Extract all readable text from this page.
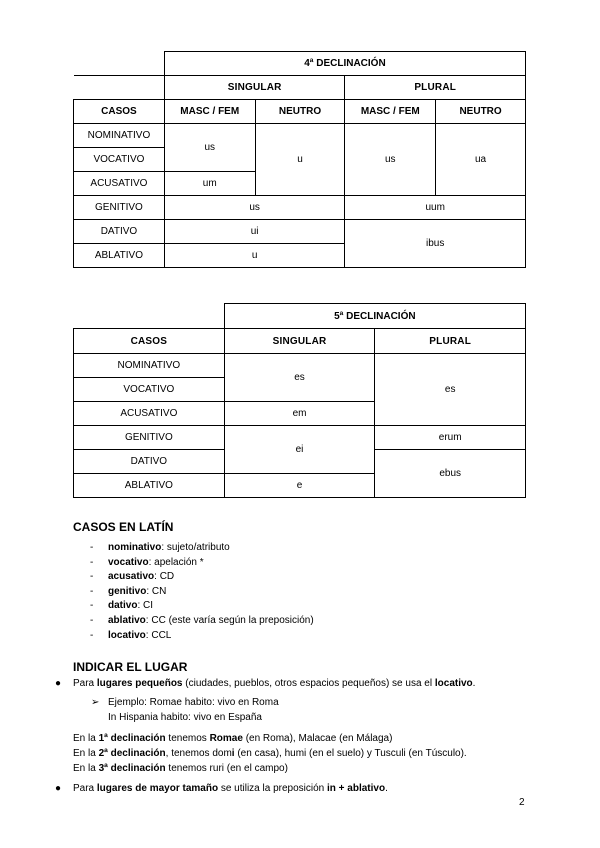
	4ª DECLINACIÓN			
	SINGULAR		PLURAL	
CASOS	MASC / FEM	NEUTRO	MASC / FEM	NEUTRO
NOMINATIVO	us	u	us	ua
VOCATIVO				
ACUSATIVO	um			
GENITIVO	us		uum	
DATIVO	ui		ibus	
ABLATIVO	u			
	5ª DECLINACIÓN	
CASOS	SINGULAR	PLURAL
NOMINATIVO	es	es
VOCATIVO		
ACUSATIVO	em	
GENITIVO	ei	erum
DATIVO		ebus
ABLATIVO	e	
CASOS EN LATÍN
- nominativo: sujeto/atributo
- vocativo: apelación *
- acusativo: CD
- genitivo: CN
- dativo: CI
- ablativo: CC (este varía según la preposición)
- locativo: CCL
INDICAR EL LUGAR
● Para lugares pequeños (ciudades, pueblos, otros espacios pequeños) se usa el locativo.
➢ Ejemplo: Romae habito: vivo en Roma
In Hispania habito: vivo en España
En la 1ª declinación tenemos Romae (en Roma), Malacae (en Málaga)
En la 2ª declinación, tenemos domi (en casa), humi (en el suelo) y Tusculi (en Túsculo).
En la 3ª declinación tenemos ruri (en el campo)
● Para lugares de mayor tamaño se utiliza la preposición in + ablativo.
2
